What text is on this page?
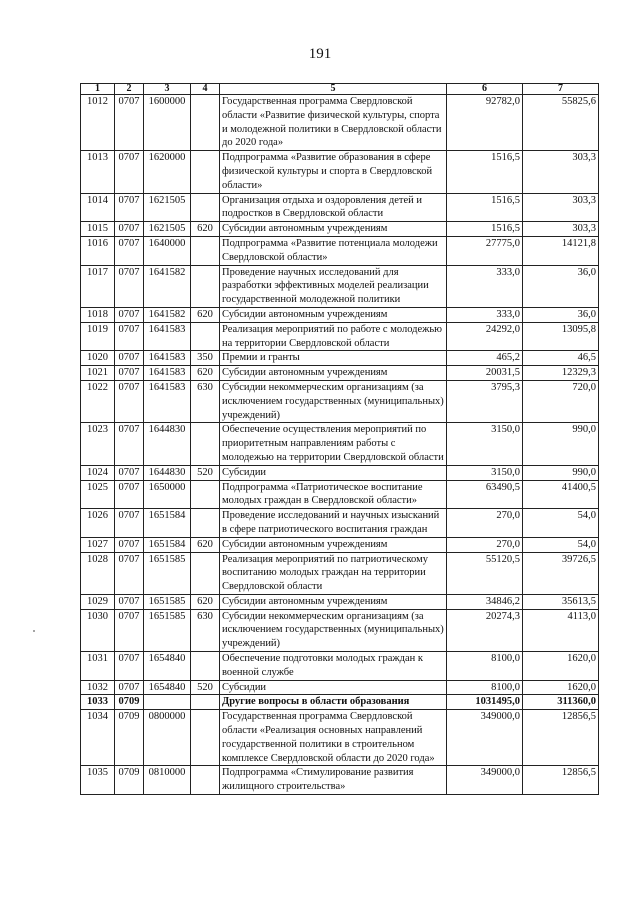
191
1	2	3	4	5	6	7
1012	0707	1600000		Государственная программа Свердловской области «Развитие физической культуры, спорта и молодежной политики в Свердловской области до 2020 года»	92782,0	55825,6
1013	0707	1620000		Подпрограмма «Развитие образования в сфере физической культуры и спорта в Свердловской области»	1516,5	303,3
1014	0707	1621505		Организация отдыха и оздоровления детей и подростков в Свердловской области	1516,5	303,3
1015	0707	1621505	620	Субсидии автономным учреждениям	1516,5	303,3
1016	0707	1640000		Подпрограмма «Развитие потенциала молодежи Свердловской области»	27775,0	14121,8
1017	0707	1641582		Проведение научных исследований для разработки эффективных моделей реализации государственной молодежной политики	333,0	36,0
1018	0707	1641582	620	Субсидии автономным учреждениям	333,0	36,0
1019	0707	1641583		Реализация мероприятий по работе с молодежью на территории Свердловской области	24292,0	13095,8
1020	0707	1641583	350	Премии и гранты	465,2	46,5
1021	0707	1641583	620	Субсидии автономным учреждениям	20031,5	12329,3
1022	0707	1641583	630	Субсидии некоммерческим организациям (за исключением государственных (муниципальных) учреждений)	3795,3	720,0
1023	0707	1644830		Обеспечение осуществления мероприятий по приоритетным направлениям работы с молодежью на территории Свердловской области	3150,0	990,0
1024	0707	1644830	520	Субсидии	3150,0	990,0
1025	0707	1650000		Подпрограмма «Патриотическое воспитание молодых граждан в Свердловской области»	63490,5	41400,5
1026	0707	1651584		Проведение исследований и научных изысканий в сфере патриотического воспитания граждан	270,0	54,0
1027	0707	1651584	620	Субсидии автономным учреждениям	270,0	54,0
1028	0707	1651585		Реализация мероприятий по патриотическому воспитанию молодых граждан на территории Свердловской области	55120,5	39726,5
1029	0707	1651585	620	Субсидии автономным учреждениям	34846,2	35613,5
1030	0707	1651585	630	Субсидии некоммерческим организациям (за исключением государственных (муниципальных) учреждений)	20274,3	4113,0
1031	0707	1654840		Обеспечение подготовки молодых граждан к военной службе	8100,0	1620,0
1032	0707	1654840	520	Субсидии	8100,0	1620,0
1033	0709			Другие вопросы в области образования	1031495,0	311360,0
1034	0709	0800000		Государственная программа Свердловской области «Реализация основных направлений государственной политики в строительном комплексе Свердловской области до 2020 года»	349000,0	12856,5
1035	0709	0810000		Подпрограмма «Стимулирование развития жилищного строительства»	349000,0	12856,5
